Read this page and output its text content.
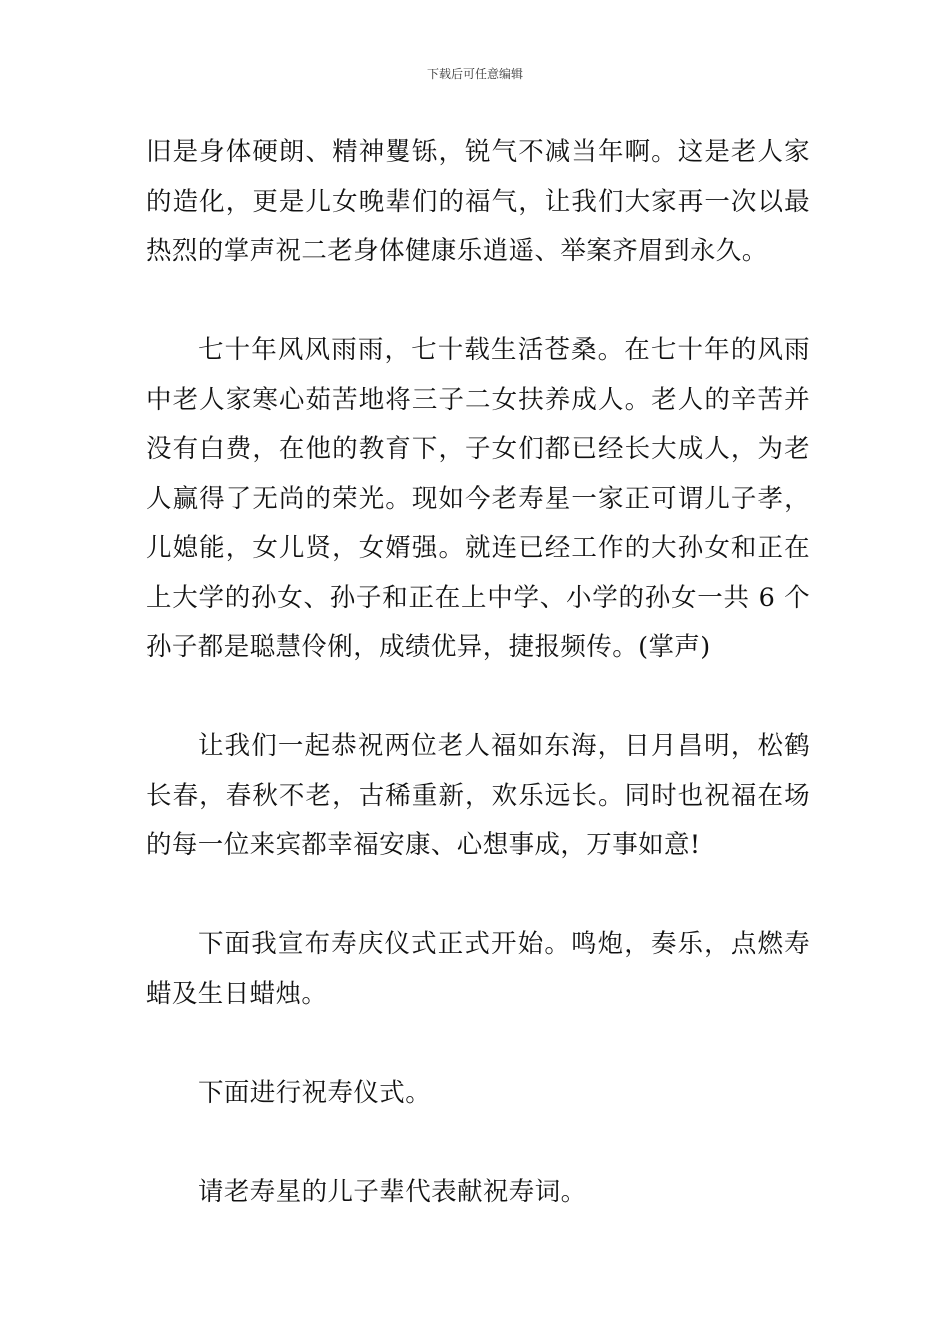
下载后可任意编辑

旧是身体硬朗、精神矍铄，锐气不减当年啊。这是老人家的造化，更是儿女晚辈们的福气，让我们大家再一次以最热烈的掌声祝二老身体健康乐逍遥、举案齐眉到永久。

七十年风风雨雨，七十载生活苍桑。在七十年的风雨中老人家寒心茹苦地将三子二女扶养成人。老人的辛苦并没有白费，在他的教育下，子女们都已经长大成人，为老人赢得了无尚的荣光。现如今老寿星一家正可谓儿子孝，儿媳能，女儿贤，女婿强。就连已经工作的大孙女和正在上大学的孙女、孙子和正在上中学、小学的孙女一共 6 个孙子都是聪慧伶俐，成绩优异，捷报频传。(掌声)

让我们一起恭祝两位老人福如东海，日月昌明，松鹤长春，春秋不老，古稀重新，欢乐远长。同时也祝福在场的每一位来宾都幸福安康、心想事成，万事如意!

下面我宣布寿庆仪式正式开始。鸣炮，奏乐，点燃寿蜡及生日蜡烛。

下面进行祝寿仪式。

请老寿星的儿子辈代表献祝寿词。
